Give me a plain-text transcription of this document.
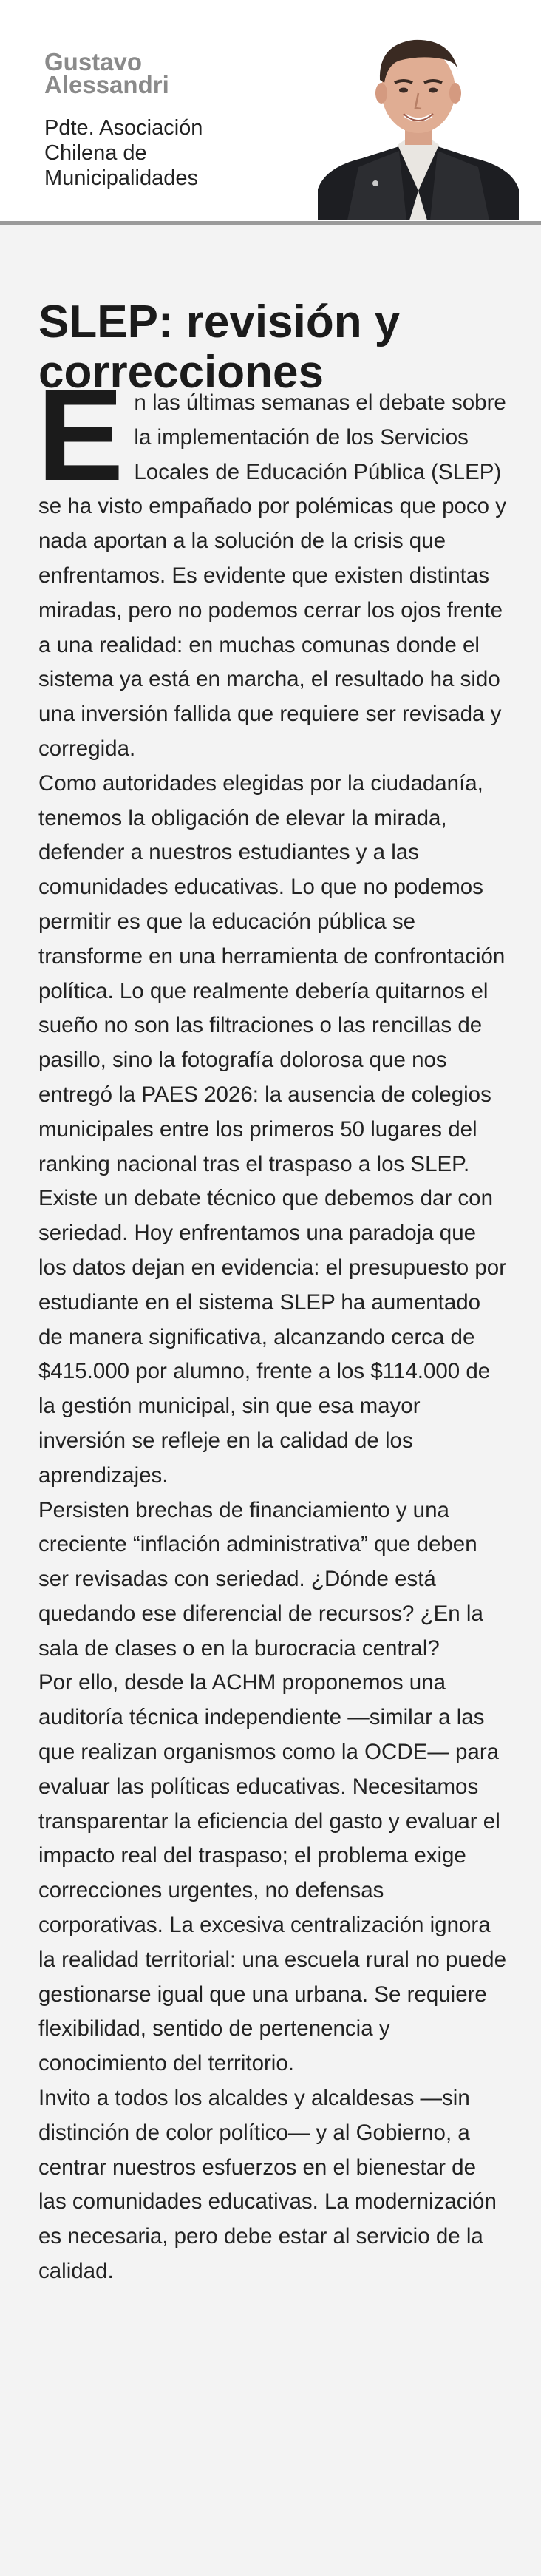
Gustavo
Alessandri
Pdte. Asociación
Chilena de
Municipalidades
SLEP: revisión y
correcciones
E n las últimas semanas el debate sobre la implementación de los Servicios Locales de Educación Pública (SLEP) se ha visto empañado por polémicas que poco y nada aportan a la solución de la crisis que enfrentamos. Es evidente que existen distintas miradas, pero no podemos cerrar los ojos frente a una realidad: en muchas comunas donde el sistema ya está en marcha, el resultado ha sido una inversión fallida que requiere ser revisada y corregida.

Como autoridades elegidas por la ciudadanía, tenemos la obligación de elevar la mirada, defender a nuestros estudiantes y a las comunidades educativas. Lo que no podemos permitir es que la educación pública se transforme en una herramienta de confrontación política. Lo que realmente debería quitarnos el sueño no son las filtraciones o las rencillas de pasillo, sino la fotografía dolorosa que nos entregó la PAES 2026: la ausencia de colegios municipales entre los primeros 50 lugares del ranking nacional tras el traspaso a los SLEP.

Existe un debate técnico que debemos dar con seriedad. Hoy enfrentamos una paradoja que los datos dejan en evidencia: el presupuesto por estudiante en el sistema SLEP ha aumentado de manera significativa, alcanzando cerca de $415.000 por alumno, frente a los $114.000 de la gestión municipal, sin que esa mayor inversión se refleje en la calidad de los aprendizajes.

Persisten brechas de financiamiento y una creciente “inflación administrativa” que deben ser revisadas con seriedad. ¿Dónde está quedando ese diferencial de recursos? ¿En la sala de clases o en la burocracia central?

Por ello, desde la ACHM proponemos una auditoría técnica independiente —similar a las que realizan organismos como la OCDE— para evaluar las políticas educativas. Necesitamos transparentar la eficiencia del gasto y evaluar el impacto real del traspaso; el problema exige correcciones urgentes, no defensas corporativas. La excesiva centralización ignora la realidad territorial: una escuela rural no puede gestionarse igual que una urbana. Se requiere flexibilidad, sentido de pertenencia y conocimiento del territorio.

Invito a todos los alcaldes y alcaldesas —sin distinción de color político— y al Gobierno, a centrar nuestros esfuerzos en el bienestar de las comunidades educativas. La modernización es necesaria, pero debe estar al servicio de la calidad.
